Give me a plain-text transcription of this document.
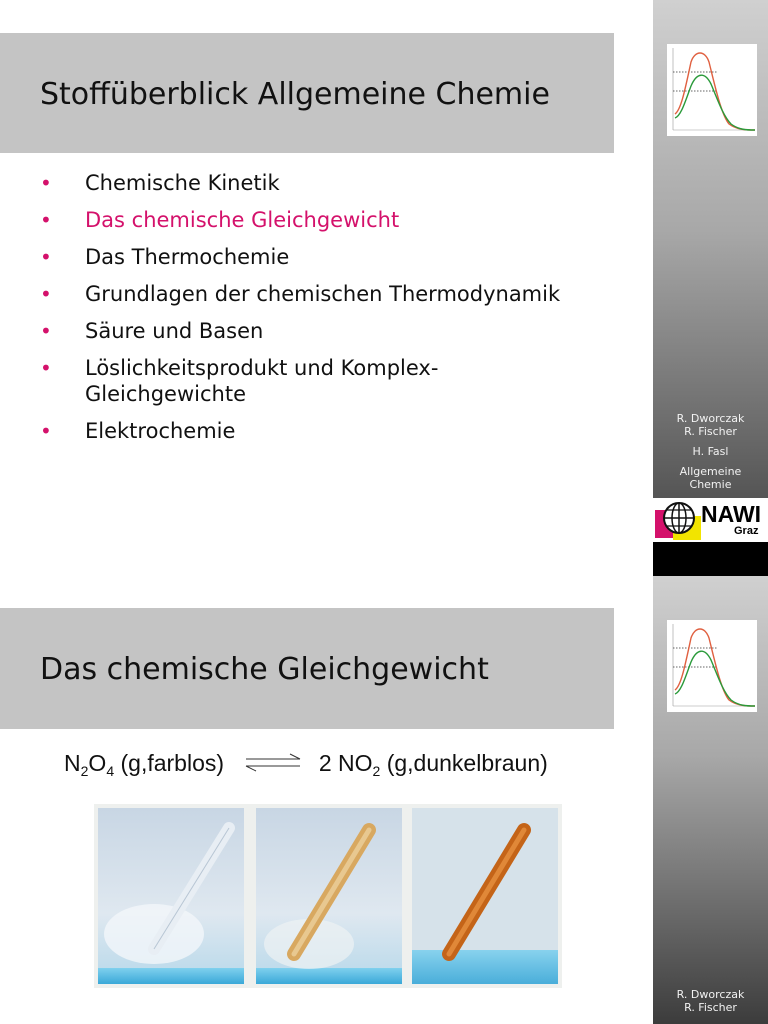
Stoffüberblick Allgemeine Chemie
• Chemische Kinetik
• Das chemische Gleichgewicht
• Das Thermochemie
• Grundlagen der chemischen Thermodynamik
• Säure und Basen
• Löslichkeitsprodukt und Komplex-Gleichgewichte
• Elektrochemie
R. Dworczak
R. Fischer
H. Fasl
Allgemeine
Chemie
NAWI
Graz
Das chemische Gleichgewicht
$N_2O_4$ (g,farblos) ⇌ 2 $NO_2$ (g,dunkelbraun)
R. Dworczak
R. Fischer
